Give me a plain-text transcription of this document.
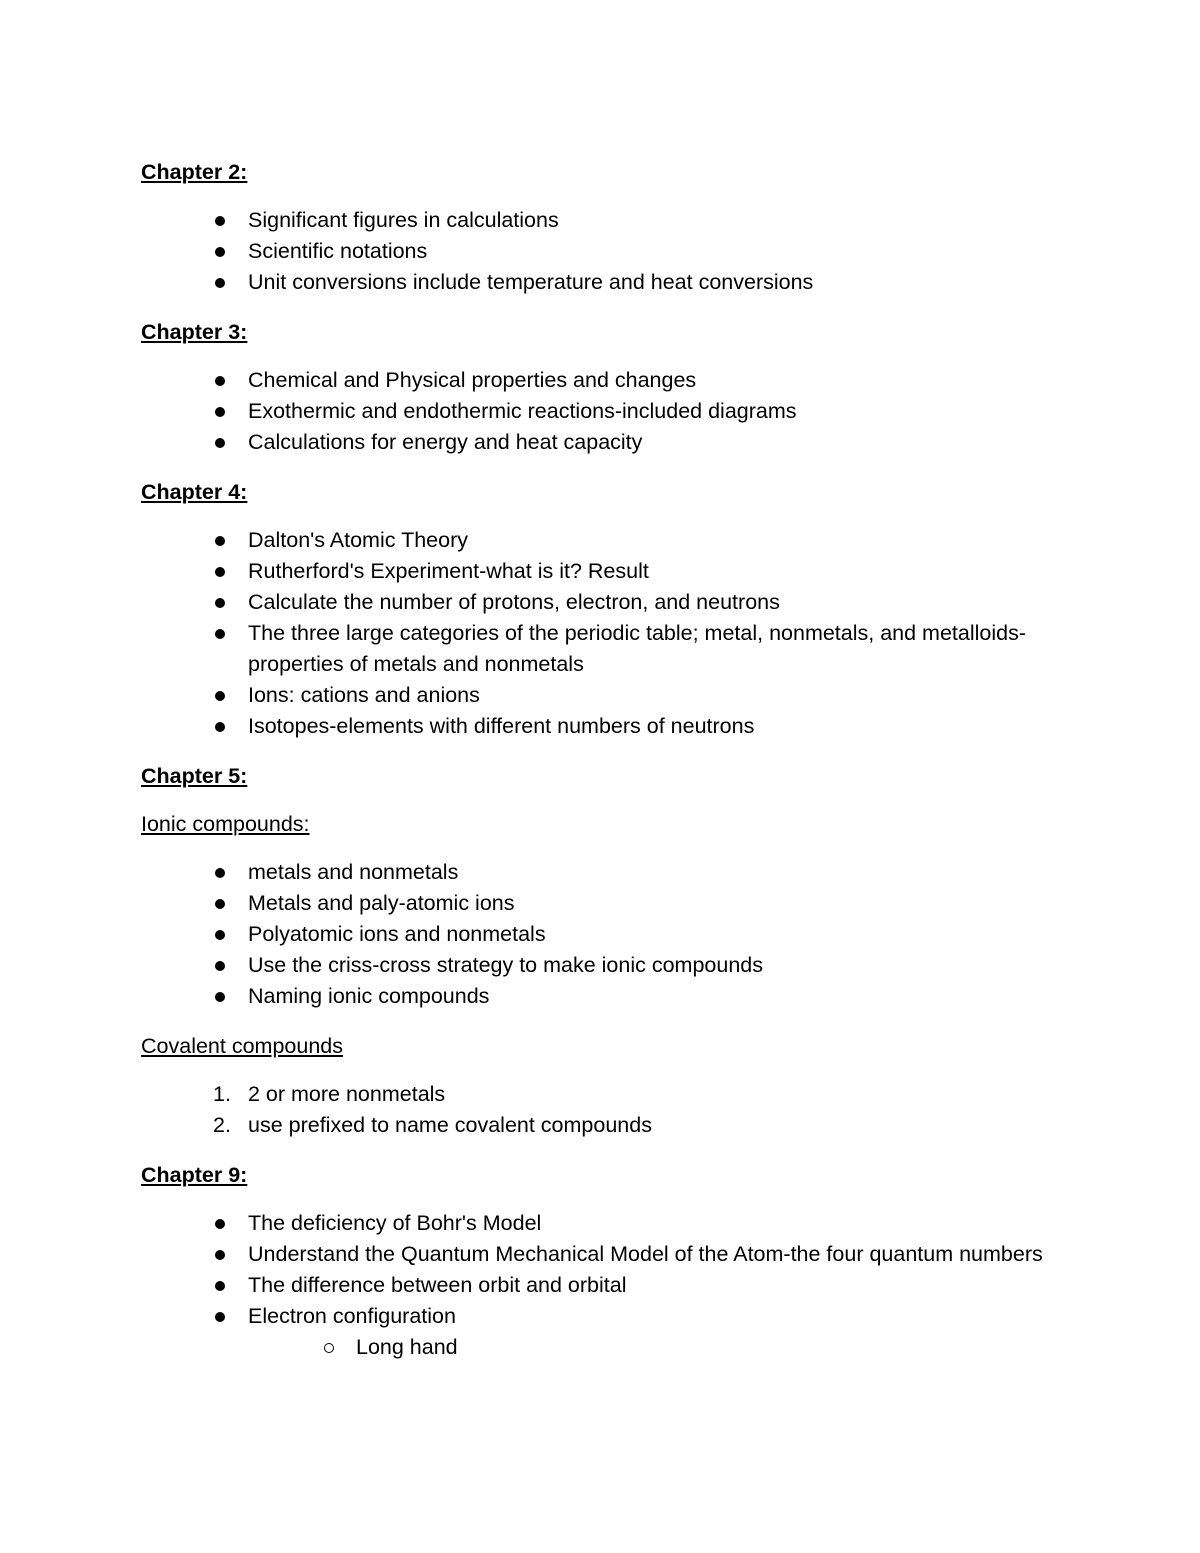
Chapter 2:

Significant figures in calculations
Scientific notations
Unit conversions include temperature and heat conversions

Chapter 3:

Chemical and Physical properties and changes
Exothermic and endothermic reactions-included diagrams
Calculations for energy and heat capacity

Chapter 4:

Dalton's Atomic Theory
Rutherford's Experiment-what is it? Result
Calculate the number of protons, electron, and neutrons
The three large categories of the periodic table; metal, nonmetals, and metalloids-properties of metals and nonmetals
Ions: cations and anions
Isotopes-elements with different numbers of neutrons

Chapter 5:

Ionic compounds:

metals and nonmetals
Metals and paly-atomic ions
Polyatomic ions and nonmetals
Use the criss-cross strategy to make ionic compounds
Naming ionic compounds

Covalent compounds

1. 2 or more nonmetals
2. use prefixed to name covalent compounds

Chapter 9:

The deficiency of Bohr's Model
Understand the Quantum Mechanical Model of the Atom-the four quantum numbers
The difference between orbit and orbital
Electron configuration
Long hand
